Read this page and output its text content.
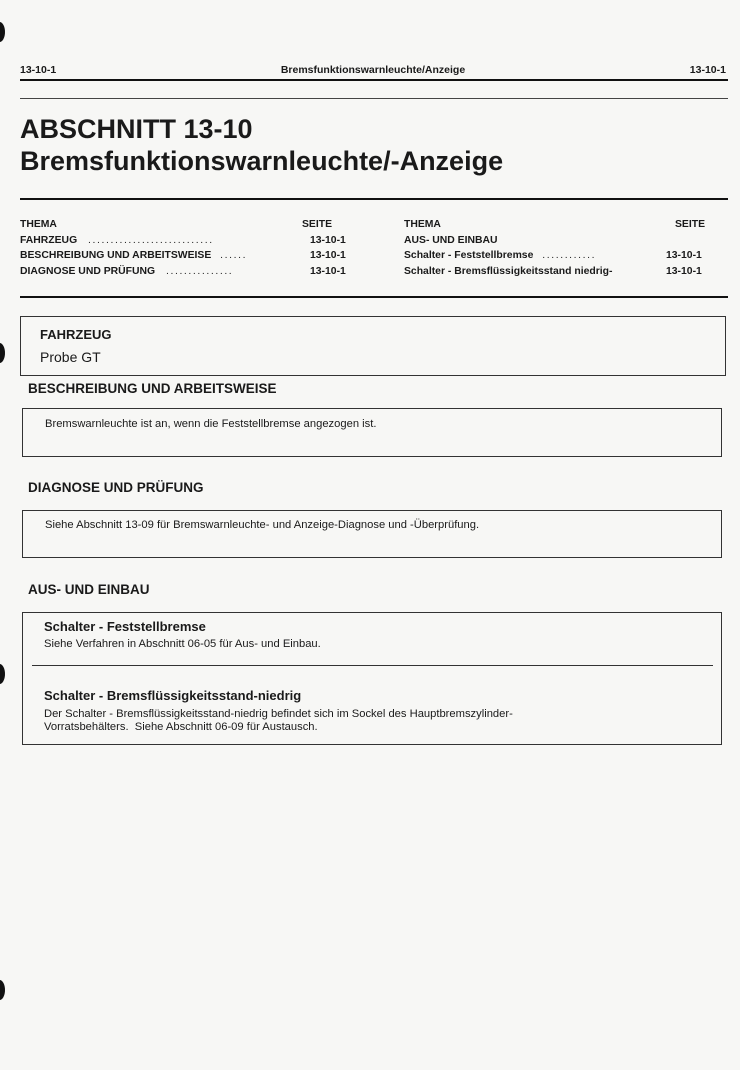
13-10-1	Bremsfunktionswarnleuchte/Anzeige	13-10-1
ABSCHNITT 13-10
Bremsfunktionswarnleuchte/-Anzeige
THEMA	SEITE
FAHRZEUG ............................	13-10-1
BESCHREIBUNG UND ARBEITSWEISE ......	13-10-1
DIAGNOSE UND PRÜFUNG ...............	13-10-1
THEMA	SEITE
AUS- UND EINBAU
Schalter - Feststellbremse ............	13-10-1
Schalter - Bremsflüssigkeitsstand niedrig-	13-10-1
FAHRZEUG
Probe GT
BESCHREIBUNG UND ARBEITSWEISE
Bremswarnleuchte ist an, wenn die Feststellbremse angezogen ist.
DIAGNOSE UND PRÜFUNG
Siehe Abschnitt 13-09 für Bremswarnleuchte- und Anzeige-Diagnose und -Überprüfung.
AUS- UND EINBAU
Schalter - Feststellbremse
Siehe Verfahren in Abschnitt 06-05 für Aus- und Einbau.
Schalter - Bremsflüssigkeitsstand-niedrig
Der Schalter - Bremsflüssigkeitsstand-niedrig befindet sich im Sockel des Hauptbremszylinder-
Vorratsbehälters.  Siehe Abschnitt 06-09 für Austausch.
